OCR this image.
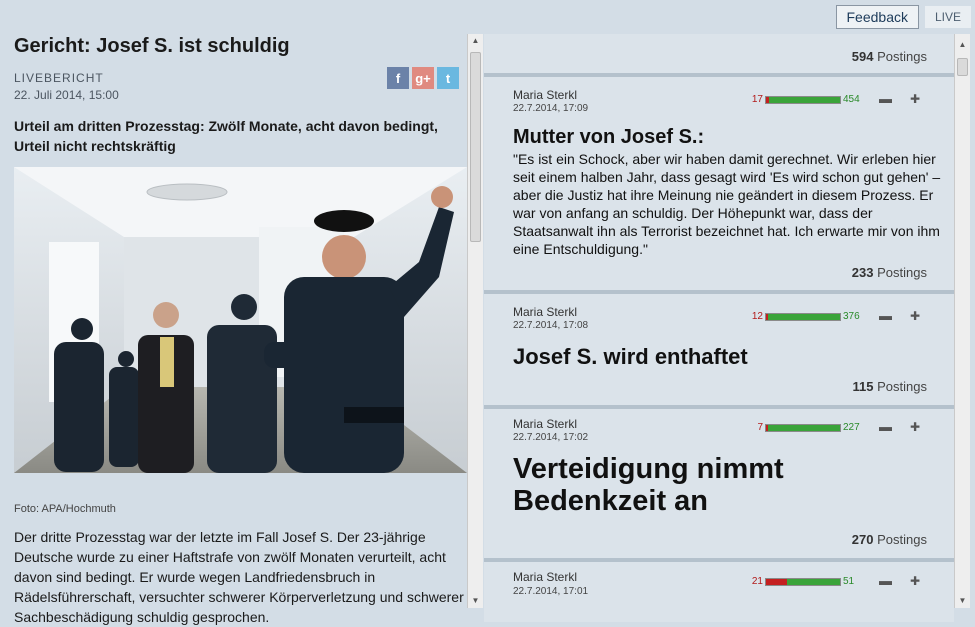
Feedback	LIVE
Gericht: Josef S. ist schuldig
LIVEBERICHT
22. Juli 2014, 15:00
f	g+	t

Urteil am dritten Prozesstag: Zwölf Monate, acht davon bedingt, Urteil nicht rechtskräftig

Foto: APA/Hochmuth

Der dritte Prozesstag war der letzte im Fall Josef S. Der 23-jährige Deutsche wurde zu einer Haftstrafe von zwölf Monaten verurteilt, acht davon sind bedingt. Er wurde wegen Landfriedensbruch in Rädelsführerschaft, versuchter schwerer Körperverletzung und schwerer Sachbeschädigung schuldig gesprochen.

▲
▼
594 Postings
Maria Sterkl
22.7.2014, 17:09
17	454 ▬ ✚
Mutter von Josef S.:
"Es ist ein Schock, aber wir haben damit gerechnet. Wir erleben hier seit einem halben Jahr, dass gesagt wird 'Es wird schon gut gehen' – aber die Justiz hat ihre Meinung nie geändert in diesem Prozess. Er war von anfang an schuldig. Der Höhepunkt war, dass der Staatsanwalt ihn als Terrorist bezeichnet hat. Ich erwarte mir von ihm eine Entschuldigung."
233 Postings
Maria Sterkl
22.7.2014, 17:08
12	376 ▬ ✚
Josef S. wird enthaftet
115 Postings
Maria Sterkl
22.7.2014, 17:02
7	227 ▬ ✚
Verteidigung nimmt Bedenkzeit an
270 Postings
Maria Sterkl
22.7.2014, 17:01
21	51 ▬ ✚
▲
▼
